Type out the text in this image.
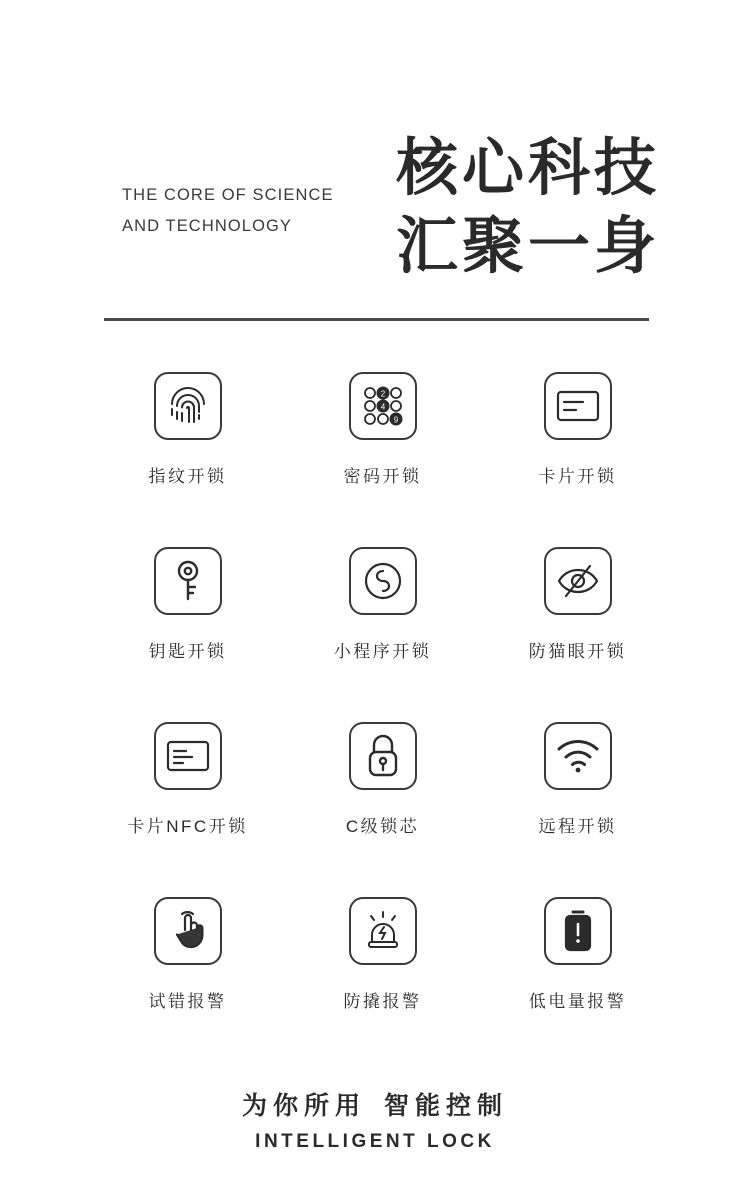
THE CORE OF SCIENCE
AND TECHNOLOGY
核心科技
汇聚一身
指纹开锁
2
4
9
密码开锁	卡片开锁
钥匙开锁	小程序开锁	防猫眼开锁
卡片NFC开锁	C级锁芯	远程开锁
试错报警	防撬报警	低电量报警
为你所用 智能控制
INTELLIGENT LOCK
